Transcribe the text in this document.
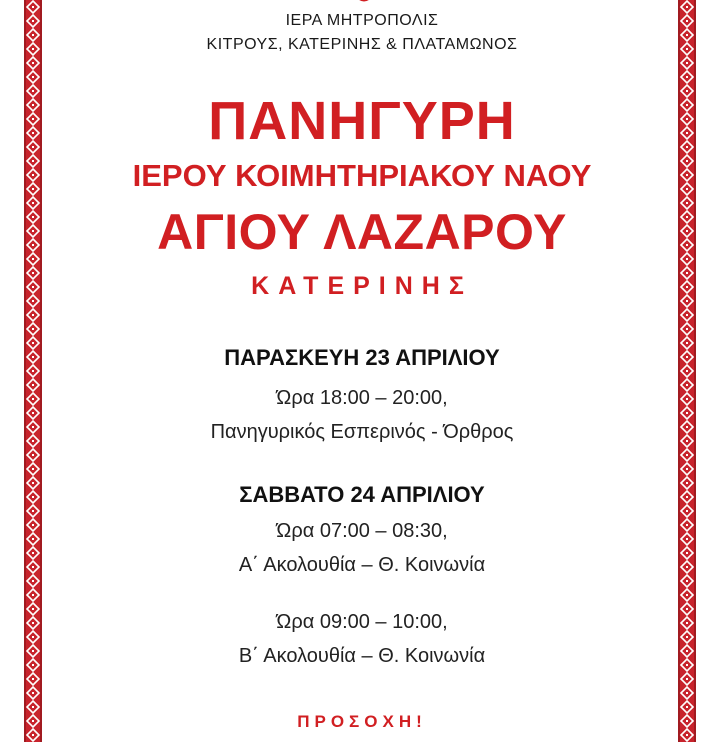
ΙΕΡΑ ΜΗΤΡΟΠΟΛΙΣ
ΚΙΤΡΟΥΣ, ΚΑΤΕΡΙΝΗΣ & ΠΛΑΤΑΜΩΝΟΣ
ΠΑΝΗΓΥΡΗ
ΙΕΡΟΥ ΚΟΙΜΗΤΗΡΙΑΚΟΥ ΝΑΟΥ
ΑΓΙΟΥ ΛΑΖΑΡΟΥ
ΚΑΤΕΡΙΝΗΣ
ΠΑΡΑΣΚΕΥΗ 23 ΑΠΡΙΛΙΟΥ
Ώρα 18:00 – 20:00,
Πανηγυρικός Εσπερινός - Όρθρος
ΣΑΒΒΑΤΟ 24 ΑΠΡΙΛΙΟΥ
Ώρα 07:00 – 08:30,
Α΄ Ακολουθία – Θ. Κοινωνία
Ώρα 09:00 – 10:00,
Β΄ Ακολουθία – Θ. Κοινωνία
ΠΡΟΣΟΧΗ!
